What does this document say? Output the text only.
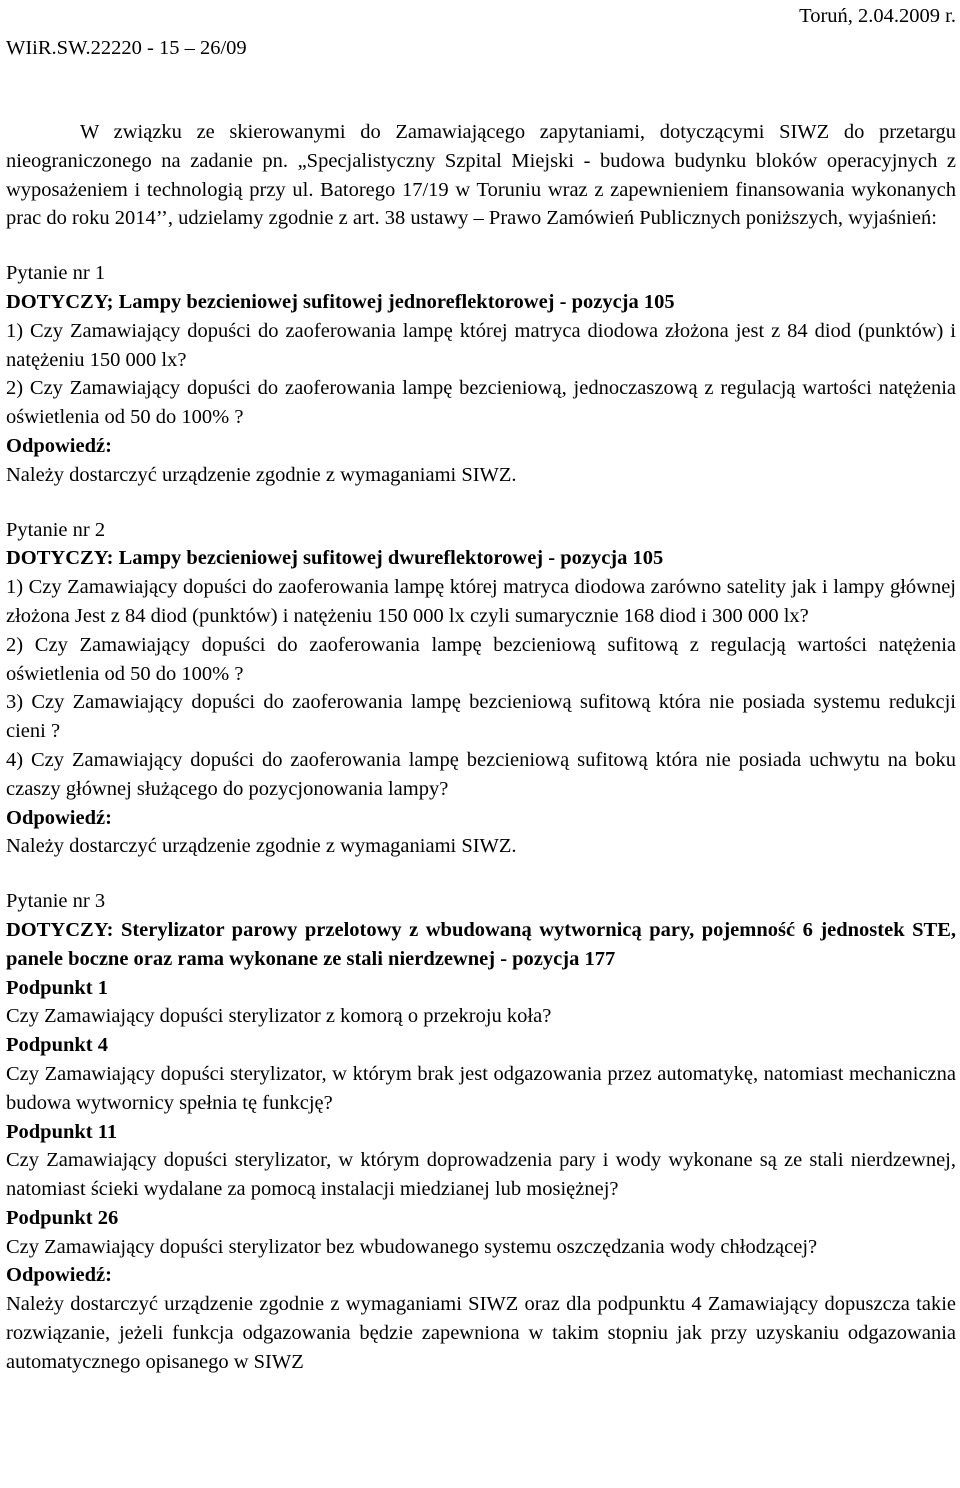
WIiR.SW.22220 - 15 – 26/09
Toruń, 2.04.2009 r.

W związku ze skierowanymi do Zamawiającego zapytaniami, dotyczącymi SIWZ do przetargu nieograniczonego na zadanie pn. „Specjalistyczny Szpital Miejski - budowa budynku bloków operacyjnych z wyposażeniem i technologią przy ul. Batorego 17/19 w Toruniu wraz z zapewnieniem finansowania wykonanych prac do roku 2014’’, udzielamy zgodnie z art. 38 ustawy – Prawo Zamówień Publicznych poniższych, wyjaśnień:

Pytanie nr 1
DOTYCZY; Lampy bezcieniowej sufitowej jednoreflektorowej - pozycja 105
1) Czy Zamawiający dopuści do zaoferowania lampę której matryca diodowa złożona jest z 84 diod (punktów) i natężeniu 150 000 lx?
2) Czy Zamawiający dopuści do zaoferowania lampę bezcieniową, jednoczaszową z regulacją wartości natężenia oświetlenia od 50 do 100% ?
Odpowiedź:
Należy dostarczyć urządzenie zgodnie z wymaganiami SIWZ.
Pytanie nr 2
DOTYCZY: Lampy bezcieniowej sufitowej dwureflektorowej - pozycja 105
1) Czy Zamawiający dopuści do zaoferowania lampę której matryca diodowa zarówno satelity jak i lampy głównej złożona Jest z 84 diod (punktów) i natężeniu 150 000 lx czyli sumarycznie 168 diod i 300 000 lx?
2) Czy Zamawiający dopuści do zaoferowania lampę bezcieniową sufitową z regulacją wartości natężenia oświetlenia od 50 do 100% ?
3) Czy Zamawiający dopuści do zaoferowania lampę bezcieniową sufitową która nie posiada systemu redukcji cieni ?
4) Czy Zamawiający dopuści do zaoferowania lampę bezcieniową sufitową która nie posiada uchwytu na boku czaszy głównej służącego do pozycjonowania lampy?
Odpowiedź:
Należy dostarczyć urządzenie zgodnie z wymaganiami SIWZ.
Pytanie nr 3
DOTYCZY: Sterylizator parowy przelotowy z wbudowaną wytwornicą pary, pojemność 6 jednostek STE, panele boczne oraz rama wykonane ze stali nierdzewnej - pozycja 177
Podpunkt 1
Czy Zamawiający dopuści sterylizator z komorą o przekroju koła?
Podpunkt 4
Czy Zamawiający dopuści sterylizator, w którym brak jest odgazowania przez automatykę, natomiast mechaniczna budowa wytwornicy spełnia tę funkcję?
Podpunkt 11
Czy Zamawiający dopuści sterylizator, w którym doprowadzenia pary i wody wykonane są ze stali nierdzewnej, natomiast ścieki wydalane za pomocą instalacji miedzianej lub mosiężnej?
Podpunkt 26
Czy Zamawiający dopuści sterylizator bez wbudowanego systemu oszczędzania wody chłodzącej?
Odpowiedź:
Należy dostarczyć urządzenie zgodnie z wymaganiami SIWZ oraz dla podpunktu 4 Zamawiający dopuszcza takie rozwiązanie, jeżeli funkcja odgazowania będzie zapewniona w takim stopniu jak przy uzyskaniu odgazowania automatycznego opisanego w SIWZ
